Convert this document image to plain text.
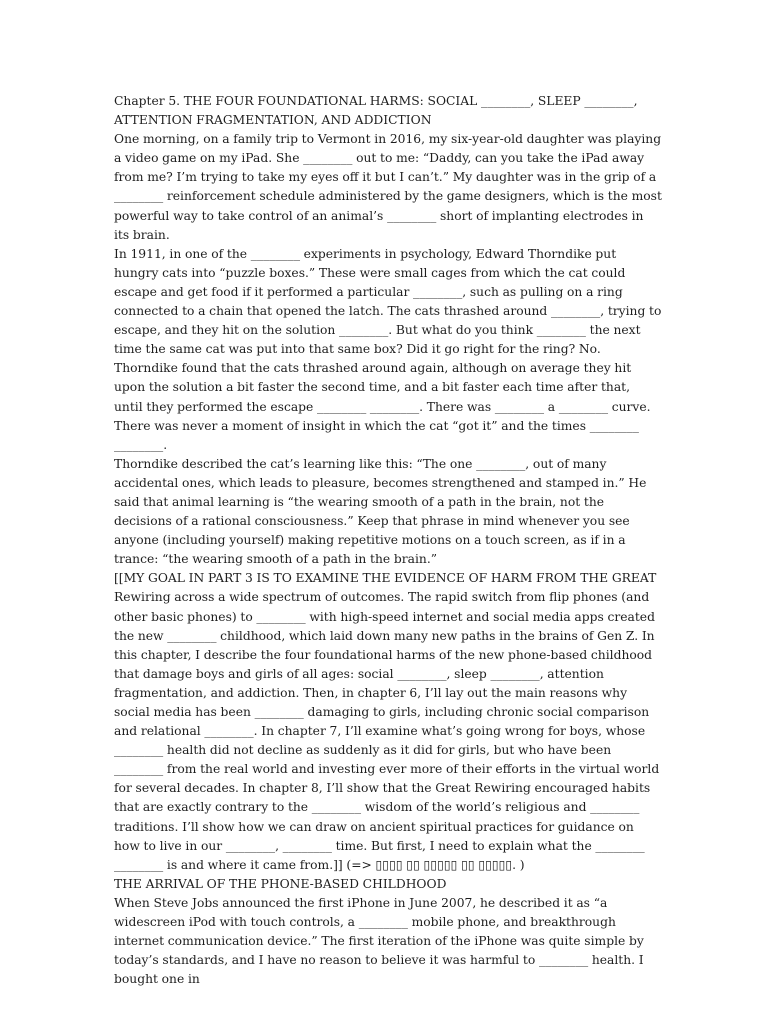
Chapter 5. THE FOUR FOUNDATIONAL HARMS: SOCIAL ________, SLEEP ________, ATTENTION FRAGMENTATION, AND ADDICTION

One morning, on a family trip to Vermont in 2016, my six-year-old daughter was playing a video game on my iPad. She ________ out to me: “Daddy, can you take the iPad away from me? I’m trying to take my eyes off it but I can’t.” My daughter was in the grip of a ________ reinforcement schedule administered by the game designers, which is the most powerful way to take control of an animal’s ________ short of implanting electrodes in its brain.

In 1911, in one of the ________ experiments in psychology, Edward Thorndike put hungry cats into “puzzle boxes.” These were small cages from which the cat could escape and get food if it performed a particular ________, such as pulling on a ring connected to a chain that opened the latch. The cats thrashed around ________, trying to escape, and they hit on the solution ________. But what do you think ________ the next time the same cat was put into that same box? Did it go right for the ring? No. Thorndike found that the cats thrashed around again, although on average they hit upon the solution a bit faster the second time, and a bit faster each time after that, until they performed the escape ________ ________. There was ________ a ________ curve. There was never a moment of insight in which the cat “got it” and the times ________ ________.

Thorndike described the cat’s learning like this: “The one ________, out of many accidental ones, which leads to pleasure, becomes strengthened and stamped in.” He said that animal learning is “the wearing smooth of a path in the brain, not the decisions of a rational consciousness.” Keep that phrase in mind whenever you see anyone (including yourself) making repetitive motions on a touch screen, as if in a trance: “the wearing smooth of a path in the brain.”

[[MY GOAL IN PART 3 IS TO EXAMINE THE EVIDENCE OF HARM FROM THE GREAT Rewiring across a wide spectrum of outcomes. The rapid switch from flip phones (and other basic phones) to ________ with high-speed internet and social media apps created the new ________ childhood, which laid down many new paths in the brains of Gen Z. In this chapter, I describe the four foundational harms of the new phone-based childhood that damage boys and girls of all ages: social ________, sleep ________, attention fragmentation, and addiction. Then, in chapter 6, I’ll lay out the main reasons why social media has been ________ damaging to girls, including chronic social comparison and relational ________. In chapter 7, I’ll examine what’s going wrong for boys, whose ________ health did not decline as suddenly as it did for girls, but who have been ________ from the real world and investing ever more of their efforts in the virtual world for several decades. In chapter 8, I’ll show that the Great Rewiring encouraged habits that are exactly contrary to the ________ wisdom of the world’s religious and ________ traditions. I’ll show how we can draw on ancient spiritual practices for guidance on how to live in our ________, ________ time. But first, I need to explain what the ________ ________ is and where it came from.]] (=> ▯▯▯▯ ▯▯ ▯▯▯▯▯ ▯▯ ▯▯▯▯▯. )

THE ARRIVAL OF THE PHONE-BASED CHILDHOOD

When Steve Jobs announced the first iPhone in June 2007, he described it as “a widescreen iPod with touch controls, a ________ mobile phone, and breakthrough internet communication device.” The first iteration of the iPhone was quite simple by today’s standards, and I have no reason to believe it was harmful to ________ health. I bought one in
